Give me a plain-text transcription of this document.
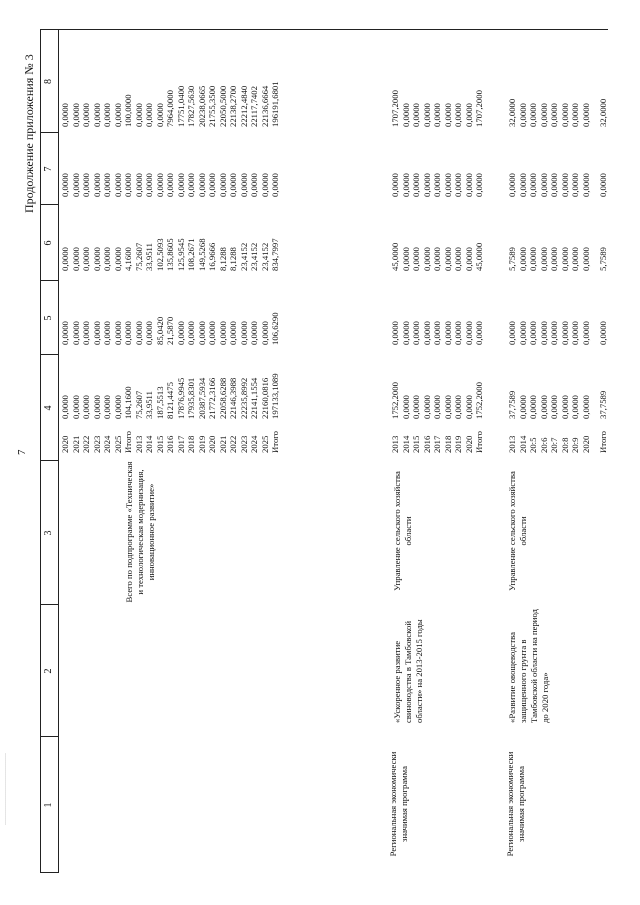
………………………………
7
Продолжение приложения № 3
1
2
3
4
5
6
7
8
Всего по подпрограмме «Техническая и технологическая модернизация, инновационное развитие»
Региональная экономически значимая программа
«Ускоренное развитие свиноводства в Тамбовской области» на 2013-2015 годы
Управление сельского хозяйства области
Региональная экономически значимая программа
«Развитие овощеводства защищенного грунта в Тамбовской области на период до 2020 года»
Управление сельского хозяйства области
2020
0,0000
0,0000
0,0000
0,0000
0,0000
2021
0,0000
0,0000
0,0000
0,0000
0,0000
2022
0,0000
0,0000
0,0000
0,0000
0,0000
2023
0,0000
0,0000
0,0000
0,0000
0,0000
2024
0,0000
0,0000
0,0000
0,0000
0,0000
2025
0,0000
0,0000
0,0000
0,0000
0,0000
Итого
104,1600
0,0000
4,1600
0,0000
100,0000
2013
75,2607
0,0000
75,2607
0,0000
0,0000
2014
33,9511
0,0000
33,9511
0,0000
0,0000
2015
187,5513
85,0420
102,5093
0,0000
0,0000
2016
8121,4475
21,5870
135,8605
0,0000
7964,0000
2017
17876,9945
0,0000
125,9545
0,0000
17751,0400
2018
17935,8301
0,0000
108,2671
0,0000
17827,5630
2019
20387,5934
0,0000
149,5268
0,0000
20238,0665
2020
21772,3166
0,0000
16,9666
0,0000
21755,3500
2021
22058,6288
0,0000
8,1288
0,0000
22050,5000
2022
22146,3988
0,0000
8,1288
0,0000
22138,2700
2023
22235,8992
0,0000
23,4152
0,0000
22212,4840
2024
22141,1554
0,0000
23,4152
0,0000
22117,7402
2025
22160,0816
0,0000
23,4152
0,0000
22136,6664
Итого
197133,1089
106,6290
834,7997
0,0000
196191,6801
2013
1752,2000
0,0000
45,0000
0,0000
1707,2000
2014
0,0000
0,0000
0,0000
0,0000
0,0000
2015
0,0000
0,0000
0,0000
0,0000
0,0000
2016
0,0000
0,0000
0,0000
0,0000
0,0000
2017
0,0000
0,0000
0,0000
0,0000
0,0000
2018
0,0000
0,0000
0,0000
0,0000
0,0000
2019
0,0000
0,0000
0,0000
0,0000
0,0000
2020
0,0000
0,0000
0,0000
0,0000
0,0000
Итого
1752,2000
0,0000
45,0000
0,0000
1707,2000
2013
37,7589
0,0000
5,7589
0,0000
32,0000
2014
0,0000
0,0000
0,0000
0,0000
0,0000
20:5
0,0000
0,0000
0,0000
0,0000
0,0000
20:6
0,0000
0,0000
0,0000
0,0000
0,0000
20:7
0,0000
0,0000
0,0000
0,0000
0,0000
20:8
0,0000
0,0000
0,0000
0,0000
0,0000
20:9
0,0000
0,0000
0,0000
0,0000
0,0000
2020
0,0000
0,0000
0,0000
0,0000
0,0000
Итого
37,7589
0,0000
5,7589
0,0000
32,0000
